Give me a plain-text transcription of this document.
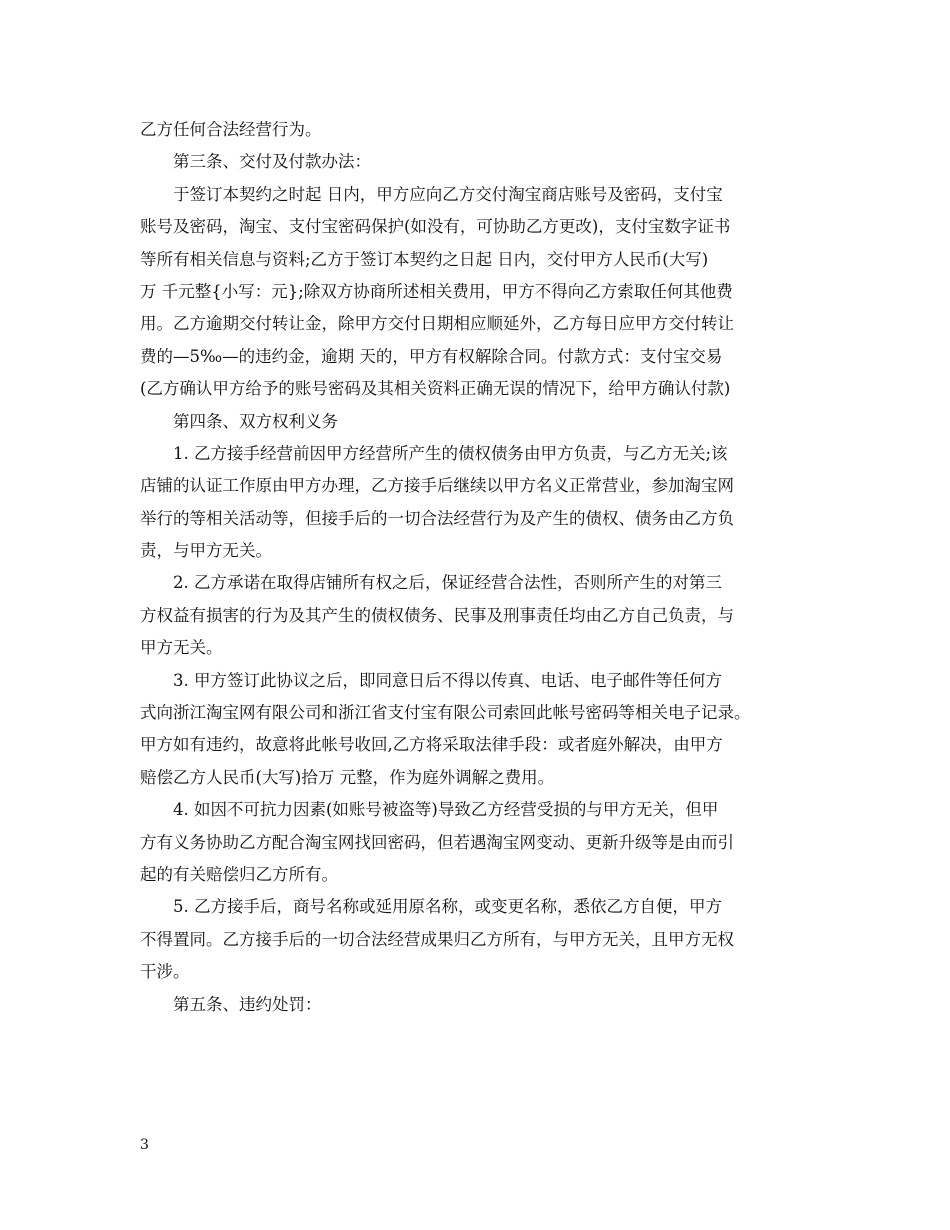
乙方任何合法经营行为。
第三条、交付及付款办法：
于签订本契约之时起 日内，甲方应向乙方交付淘宝商店账号及密码，支付宝
账号及密码，淘宝、支付宝密码保护(如没有，可协助乙方更改)，支付宝数字证书
等所有相关信息与资料;乙方于签订本契约之日起 日内，交付甲方人民币(大写)
万 千元整{小写：元};除双方协商所述相关费用，甲方不得向乙方索取任何其他费
用。乙方逾期交付转让金，除甲方交付日期相应顺延外，乙方每日应甲方交付转让
费的—5‰—的违约金，逾期 天的，甲方有权解除合同。付款方式：支付宝交易
(乙方确认甲方给予的账号密码及其相关资料正确无误的情况下，给甲方确认付款)
第四条、双方权利义务
1. 乙方接手经营前因甲方经营所产生的债权债务由甲方负责，与乙方无关;该
店铺的认证工作原由甲方办理，乙方接手后继续以甲方名义正常营业，参加淘宝网
举行的等相关活动等，但接手后的一切合法经营行为及产生的债权、债务由乙方负
责，与甲方无关。
2. 乙方承诺在取得店铺所有权之后，保证经营合法性，否则所产生的对第三
方权益有损害的行为及其产生的债权债务、民事及刑事责任均由乙方自己负责，与
甲方无关。
3. 甲方签订此协议之后，即同意日后不得以传真、电话、电子邮件等任何方
式向浙江淘宝网有限公司和浙江省支付宝有限公司索回此帐号密码等相关电子记录。
甲方如有违约，故意将此帐号收回,乙方将采取法律手段：或者庭外解决，由甲方
赔偿乙方人民币(大写)拾万 元整，作为庭外调解之费用。
4. 如因不可抗力因素(如账号被盗等)导致乙方经营受损的与甲方无关，但甲
方有义务协助乙方配合淘宝网找回密码，但若遇淘宝网变动、更新升级等是由而引
起的有关赔偿归乙方所有。
5. 乙方接手后，商号名称或延用原名称，或变更名称，悉依乙方自便，甲方
不得置同。乙方接手后的一切合法经营成果归乙方所有，与甲方无关，且甲方无权
干涉。
第五条、违约处罚：
3
